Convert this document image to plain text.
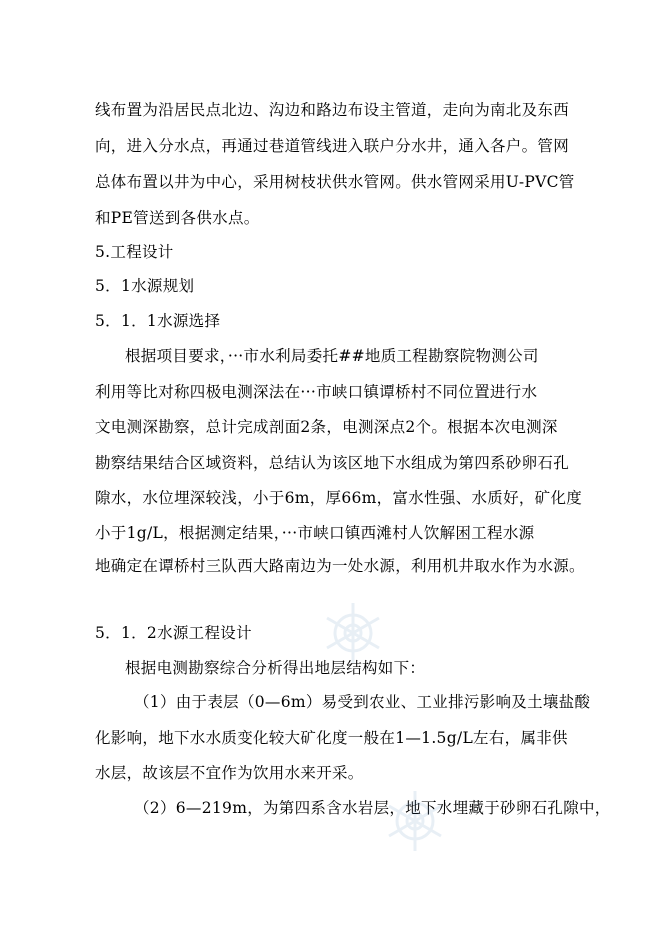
线布置为沿居民点北边、沟边和路边布设主管道，走向为南北及东西
向，进入分水点，再通过巷道管线进入联户分水井，通入各户。管网
总体布置以井为中心，采用树枝状供水管网。供水管网采用U-PVC管
和PE管送到各供水点。
5.工程设计
5．1水源规划
5．1．1水源选择
根据项目要求，···市水利局委托##地质工程勘察院物测公司
利用等比对称四极电测深法在···市峡口镇谭桥村不同位置进行水
文电测深勘察，总计完成剖面2条，电测深点2个。根据本次电测深
勘察结果结合区域资料，总结认为该区地下水组成为第四系砂卵石孔
隙水，水位埋深较浅，小于6m，厚66m，富水性强、水质好，矿化度
小于1g/L，根据测定结果，···市峡口镇西滩村人饮解困工程水源
地确定在谭桥村三队西大路南边为一处水源，利用机井取水作为水源。
5．1．2水源工程设计
根据电测勘察综合分析得出地层结构如下：
（1）由于表层（0—6m）易受到农业、工业排污影响及土壤盐酸
化影响，地下水水质变化较大矿化度一般在1—1.5g/L左右，属非供
水层，故该层不宜作为饮用水来开采。
（2）6—219m，为第四系含水岩层，地下水埋藏于砂卵石孔隙中，
